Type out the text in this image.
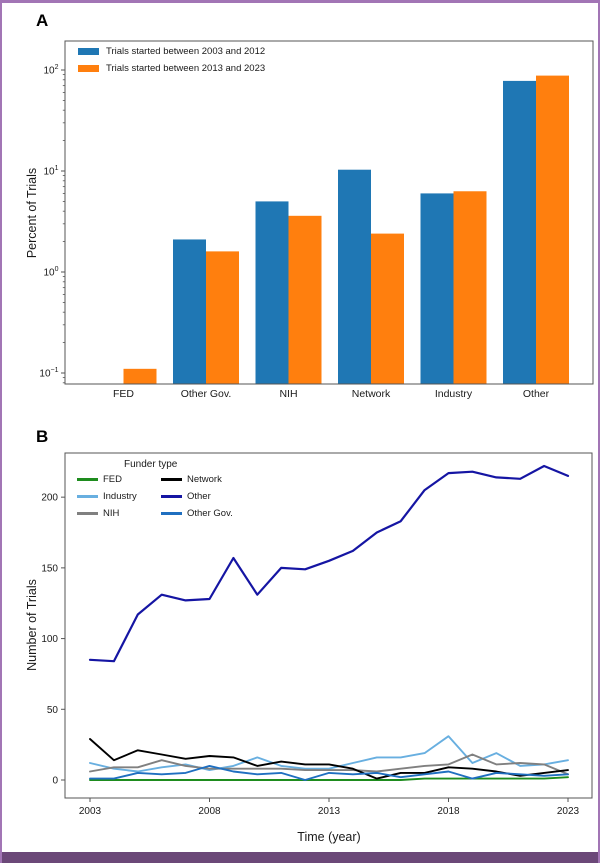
A
B
Percent of Trials
Number of Trials
Time (year)
$10^{-1}$
$10^0$
$10^1$
$10^2$
FED	Other Gov.	NIH	Network	Industry	Other
0
50
100
150
200
2003	2008	2013	2018	2023
Trials started between 2003 and 2012
Trials started between 2013 and 2023
Funder type
FED	Network
Industry	Other
NIH	Other Gov.
